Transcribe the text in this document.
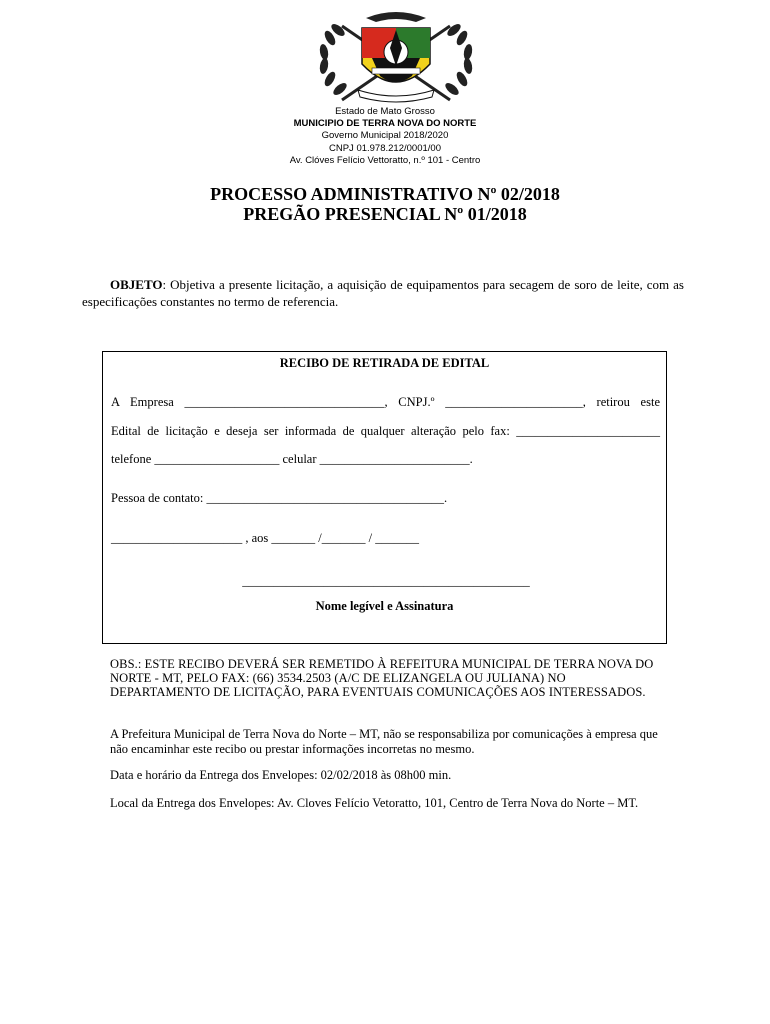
Estado de Mato Grosso
MUNICIPIO DE TERRA NOVA DO NORTE
Governo Municipal 2018/2020
CNPJ 01.978.212/0001/00
Av. Clóves Felício Vettoratto, n.º 101 - Centro
PROCESSO ADMINISTRATIVO Nº 02/2018
PREGÃO PRESENCIAL Nº 01/2018
OBJETO: Objetiva a presente licitação, a aquisição de equipamentos para secagem de soro de leite, com as especificações constantes no termo de referencia.
RECIBO DE RETIRADA DE EDITAL
A Empresa ________________________________, CNPJ.º ______________________, retirou este
Edital de licitação e deseja ser informada de qualquer alteração pelo fax: _______________________
telefone ____________________ celular ________________________.
Pessoa de contato: ______________________________________.
_____________________ , aos _______ /_______ / _______
______________________________________________
Nome legível e Assinatura
OBS.: ESTE RECIBO DEVERÁ SER REMETIDO À REFEITURA MUNICIPAL DE TERRA NOVA DO NORTE - MT, PELO FAX: (66) 3534.2503 (A/C DE ELIZANGELA OU JULIANA) NO DEPARTAMENTO DE LICITAÇÃO, PARA EVENTUAIS COMUNICAÇÕES AOS INTERESSADOS.
A Prefeitura Municipal de Terra Nova do Norte – MT, não se responsabiliza por comunicações à empresa que não encaminhar este recibo ou prestar informações incorretas no mesmo.
Data e horário da Entrega dos Envelopes: 02/02/2018 às 08h00 min.
Local da Entrega dos Envelopes: Av. Cloves Felício Vetoratto, 101, Centro de Terra Nova do Norte – MT.
